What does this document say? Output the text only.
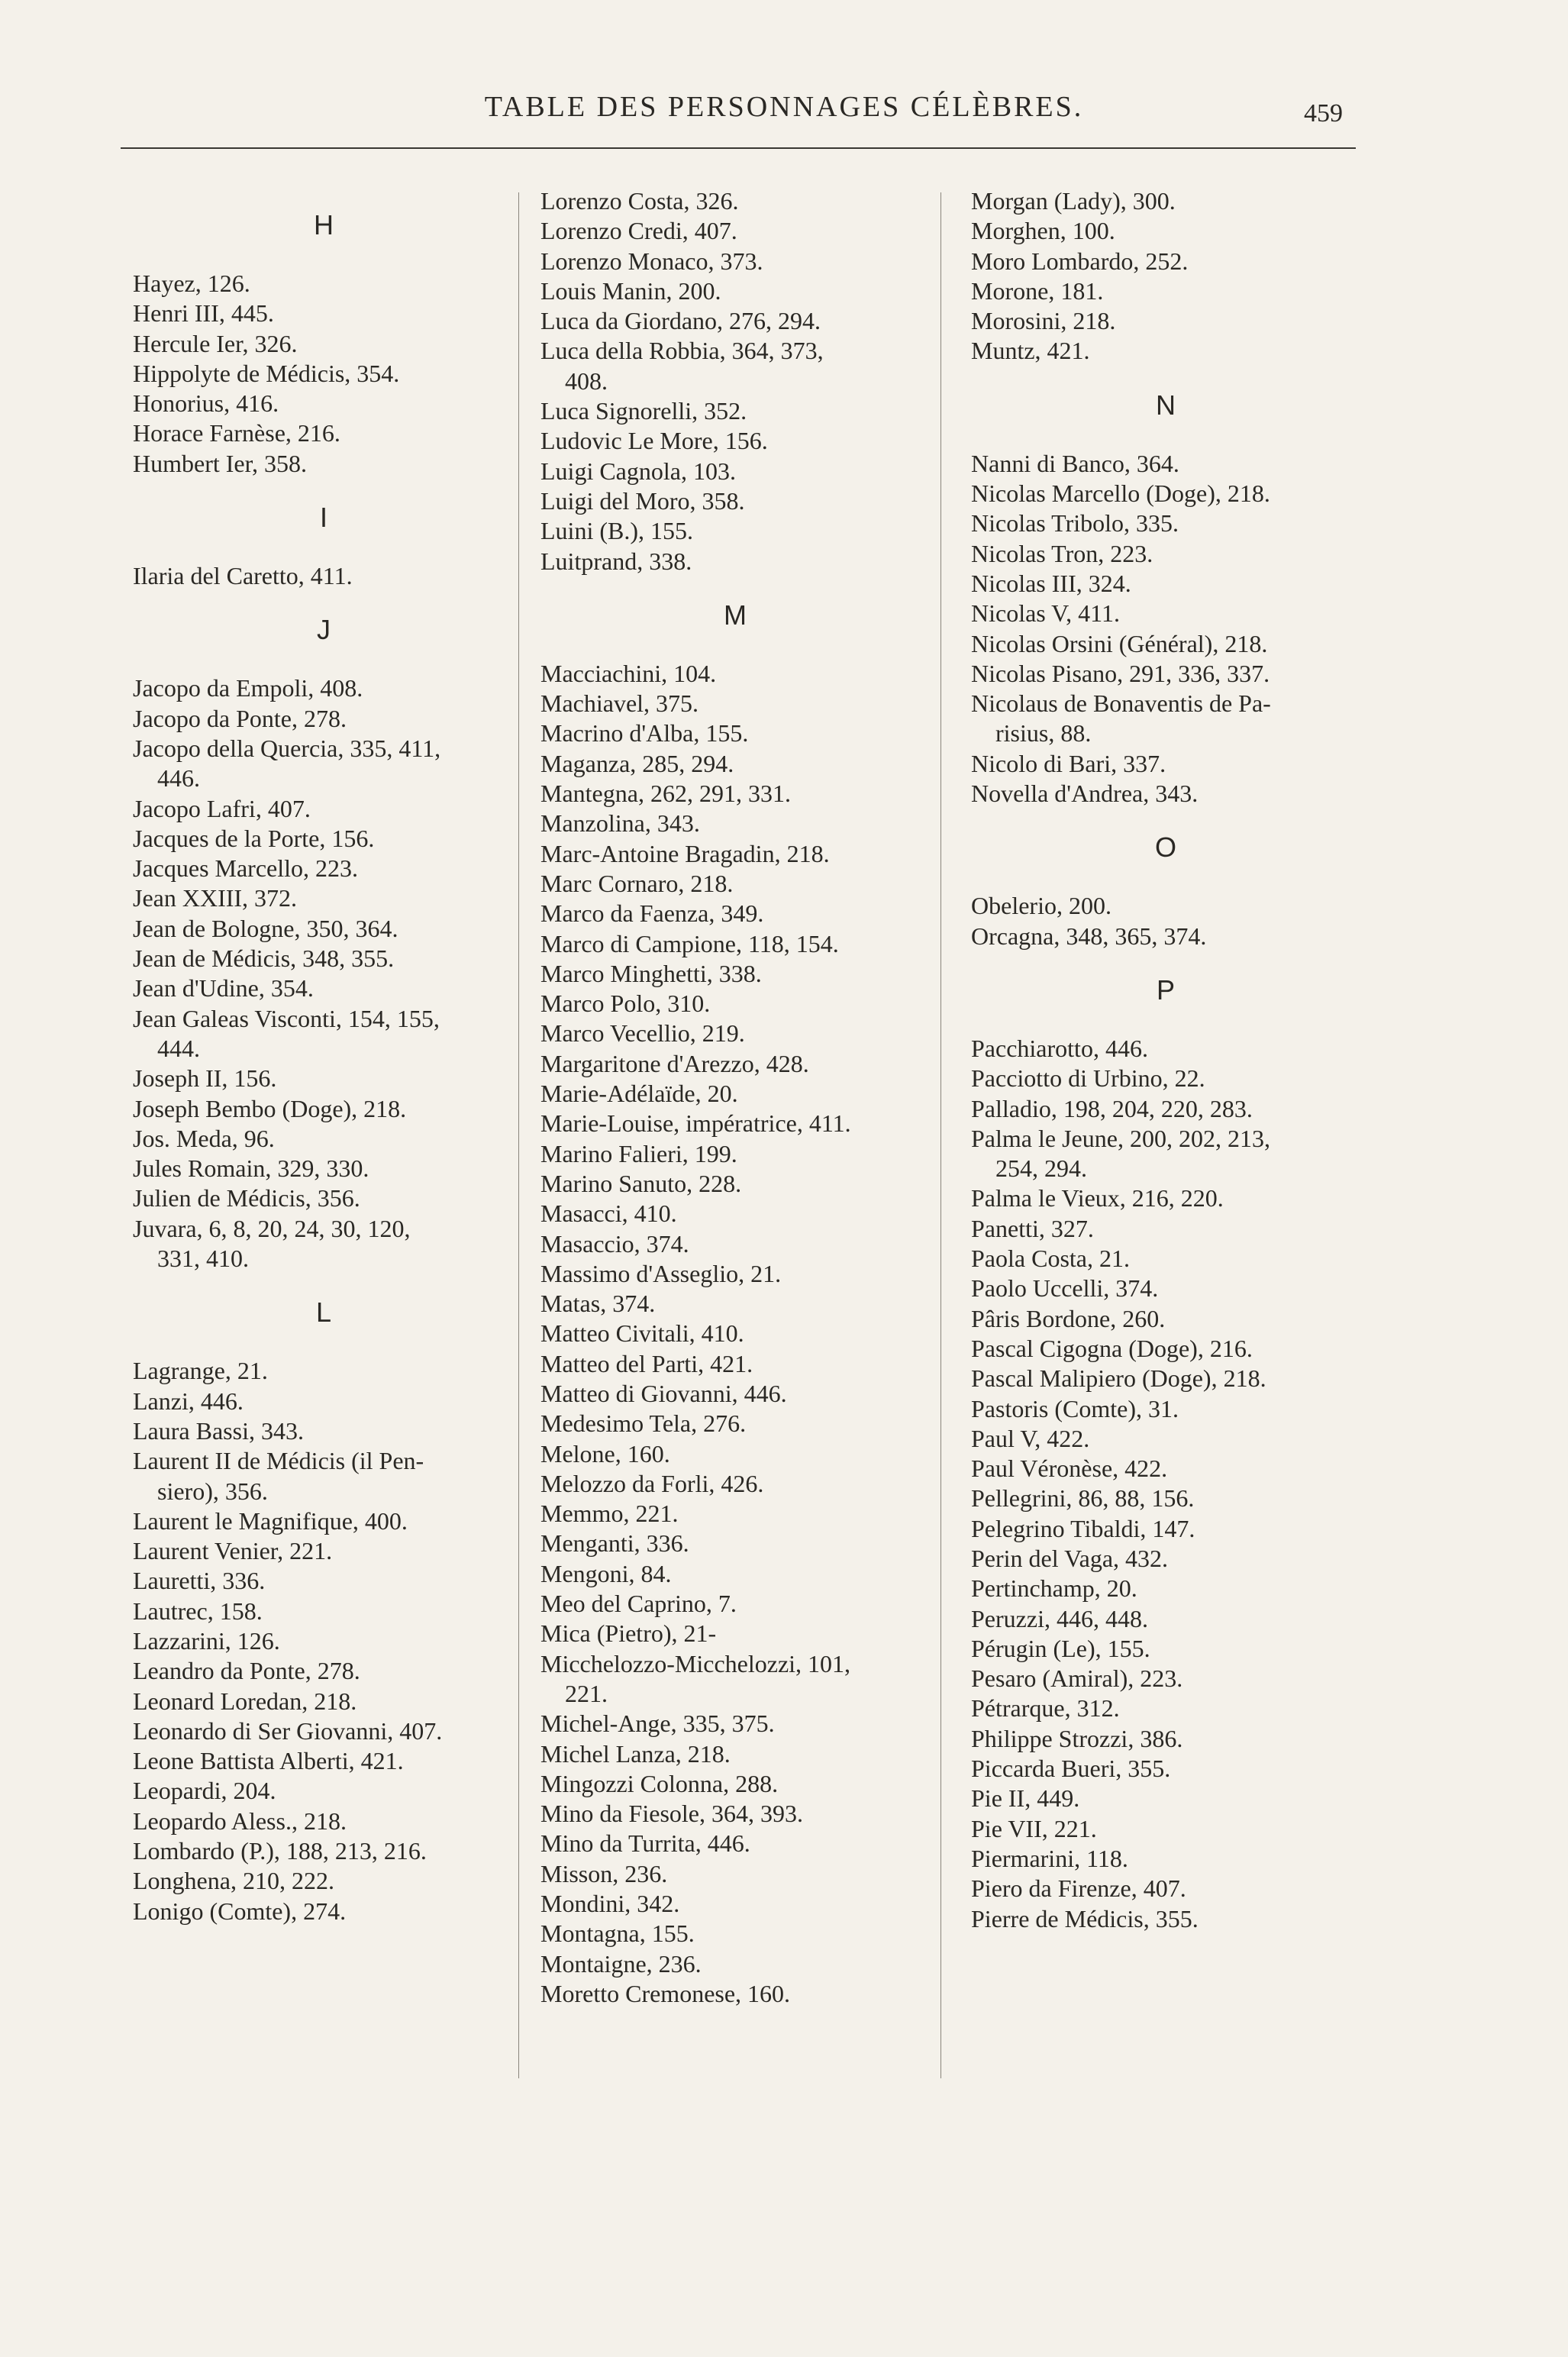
TABLE DES PERSONNAGES CÉLÈBRES.	459
H
Hayez, 126.
Henri III, 445.
Hercule Ier, 326.
Hippolyte de Médicis, 354.
Honorius, 416.
Horace Farnèse, 216.
Humbert Ier, 358.
I
Ilaria del Caretto, 411.
J
Jacopo da Empoli, 408.
Jacopo da Ponte, 278.
Jacopo della Quercia, 335, 411,
446.
Jacopo Lafri, 407.
Jacques de la Porte, 156.
Jacques Marcello, 223.
Jean XXIII, 372.
Jean de Bologne, 350, 364.
Jean de Médicis, 348, 355.
Jean d'Udine, 354.
Jean Galeas Visconti, 154, 155,
444.
Joseph II, 156.
Joseph Bembo (Doge), 218.
Jos. Meda, 96.
Jules Romain, 329, 330.
Julien de Médicis, 356.
Juvara, 6, 8, 20, 24, 30, 120,
331, 410.
L
Lagrange, 21.
Lanzi, 446.
Laura Bassi, 343.
Laurent II de Médicis (il Pen-
siero), 356.
Laurent le Magnifique, 400.
Laurent Venier, 221.
Lauretti, 336.
Lautrec, 158.
Lazzarini, 126.
Leandro da Ponte, 278.
Leonard Loredan, 218.
Leonardo di Ser Giovanni, 407.
Leone Battista Alberti, 421.
Leopardi, 204.
Leopardo Aless., 218.
Lombardo (P.), 188, 213, 216.
Longhena, 210, 222.
Lonigo (Comte), 274.
Lorenzo Costa, 326.
Lorenzo Credi, 407.
Lorenzo Monaco, 373.
Louis Manin, 200.
Luca da Giordano, 276, 294.
Luca della Robbia, 364, 373,
408.
Luca Signorelli, 352.
Ludovic Le More, 156.
Luigi Cagnola, 103.
Luigi del Moro, 358.
Luini (B.), 155.
Luitprand, 338.
M
Macciachini, 104.
Machiavel, 375.
Macrino d'Alba, 155.
Maganza, 285, 294.
Mantegna, 262, 291, 331.
Manzolina, 343.
Marc-Antoine Bragadin, 218.
Marc Cornaro, 218.
Marco da Faenza, 349.
Marco di Campione, 118, 154.
Marco Minghetti, 338.
Marco Polo, 310.
Marco Vecellio, 219.
Margaritone d'Arezzo, 428.
Marie-Adélaïde, 20.
Marie-Louise, impératrice, 411.
Marino Falieri, 199.
Marino Sanuto, 228.
Masacci, 410.
Masaccio, 374.
Massimo d'Asseglio, 21.
Matas, 374.
Matteo Civitali, 410.
Matteo del Parti, 421.
Matteo di Giovanni, 446.
Medesimo Tela, 276.
Melone, 160.
Melozzo da Forli, 426.
Memmo, 221.
Menganti, 336.
Mengoni, 84.
Meo del Caprino, 7.
Mica (Pietro), 21-
Micchelozzo-Micchelozzi, 101,
221.
Michel-Ange, 335, 375.
Michel Lanza, 218.
Mingozzi Colonna, 288.
Mino da Fiesole, 364, 393.
Mino da Turrita, 446.
Misson, 236.
Mondini, 342.
Montagna, 155.
Montaigne, 236.
Moretto Cremonese, 160.
Morgan (Lady), 300.
Morghen, 100.
Moro Lombardo, 252.
Morone, 181.
Morosini, 218.
Muntz, 421.
N
Nanni di Banco, 364.
Nicolas Marcello (Doge), 218.
Nicolas Tribolo, 335.
Nicolas Tron, 223.
Nicolas III, 324.
Nicolas V, 411.
Nicolas Orsini (Général), 218.
Nicolas Pisano, 291, 336, 337.
Nicolaus de Bonaventis de Pa-
risius, 88.
Nicolo di Bari, 337.
Novella d'Andrea, 343.
O
Obelerio, 200.
Orcagna, 348, 365, 374.
P
Pacchiarotto, 446.
Pacciotto di Urbino, 22.
Palladio, 198, 204, 220, 283.
Palma le Jeune, 200, 202, 213,
254, 294.
Palma le Vieux, 216, 220.
Panetti, 327.
Paola Costa, 21.
Paolo Uccelli, 374.
Pâris Bordone, 260.
Pascal Cigogna (Doge), 216.
Pascal Malipiero (Doge), 218.
Pastoris (Comte), 31.
Paul V, 422.
Paul Véronèse, 422.
Pellegrini, 86, 88, 156.
Pelegrino Tibaldi, 147.
Perin del Vaga, 432.
Pertinchamp, 20.
Peruzzi, 446, 448.
Pérugin (Le), 155.
Pesaro (Amiral), 223.
Pétrarque, 312.
Philippe Strozzi, 386.
Piccarda Bueri, 355.
Pie II, 449.
Pie VII, 221.
Piermarini, 118.
Piero da Firenze, 407.
Pierre de Médicis, 355.
